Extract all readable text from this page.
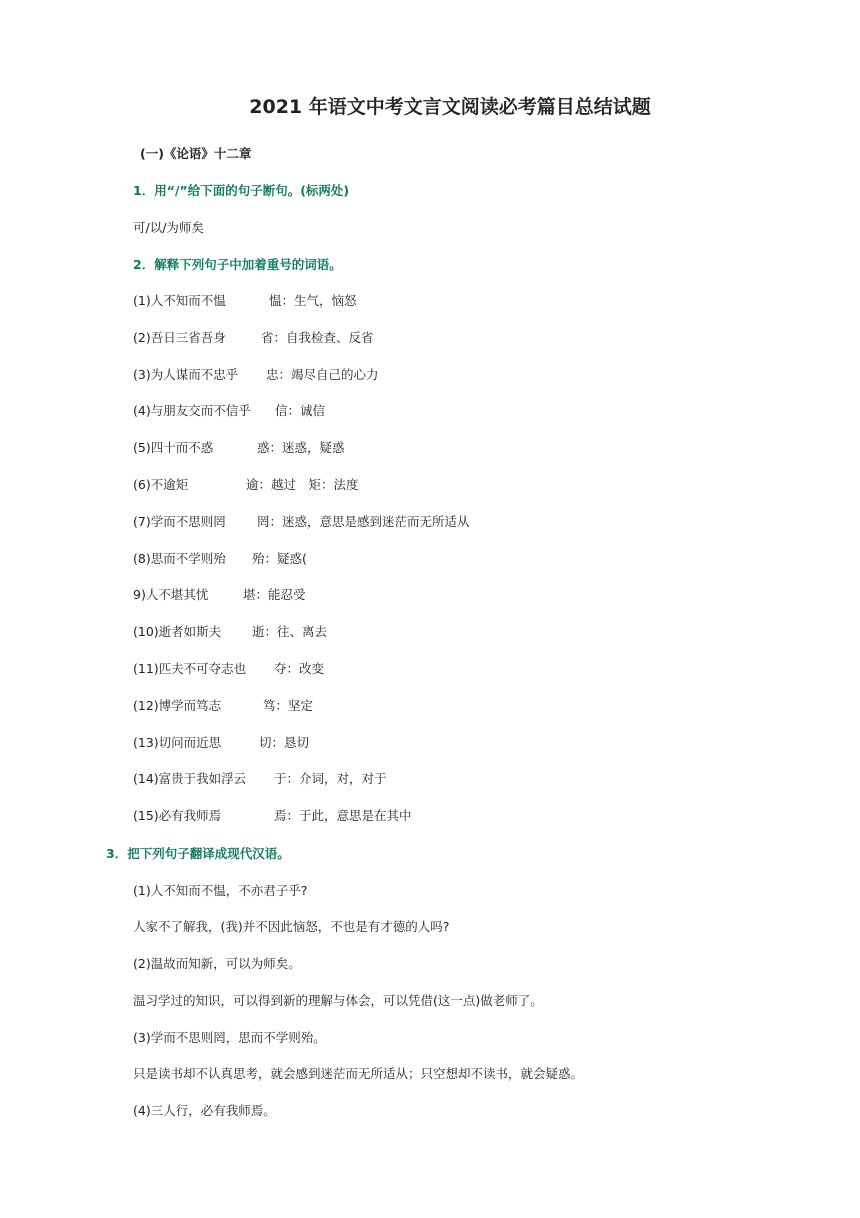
2021 年语文中考文言文阅读必考篇目总结试题
(一)《论语》十二章
1．用“/”给下面的句子断句。(标两处)
可/以/为师矣
2．解释下列句子中加着重号的词语。
(1)人不知而不愠	愠：生气，恼怒
(2)吾日三省吾身	省：自我检查、反省
(3)为人谋而不忠乎 忠：竭尽自己的心力
(4)与朋友交而不信乎 信：诚信
(5)四十而不惑	惑：迷惑，疑惑
(6)不逾矩	逾：越过　矩：法度
(7)学而不思则罔	罔：迷惑，意思是感到迷茫而无所适从
(8)思而不学则殆 殆：疑惑(
9)人不堪其忧	堪：能忍受
(10)逝者如斯夫 逝：往、离去
(11)匹夫不可夺志也 夺：改变
(12)博学而笃志	笃：坚定
(13)切问而近思	切：恳切
(14)富贵于我如浮云 于：介词，对，对于
(15)必有我师焉	焉：于此，意思是在其中
3．把下列句子翻译成现代汉语。
(1)人不知而不愠，不亦君子乎?
人家不了解我，(我)并不因此恼怒，不也是有才德的人吗?
(2)温故而知新，可以为师矣。
温习学过的知识，可以得到新的理解与体会，可以凭借(这一点)做老师了。
(3)学而不思则罔，思而不学则殆。
只是读书却不认真思考，就会感到迷茫而无所适从；只空想却不读书，就会疑惑。
(4)三人行，必有我师焉。
